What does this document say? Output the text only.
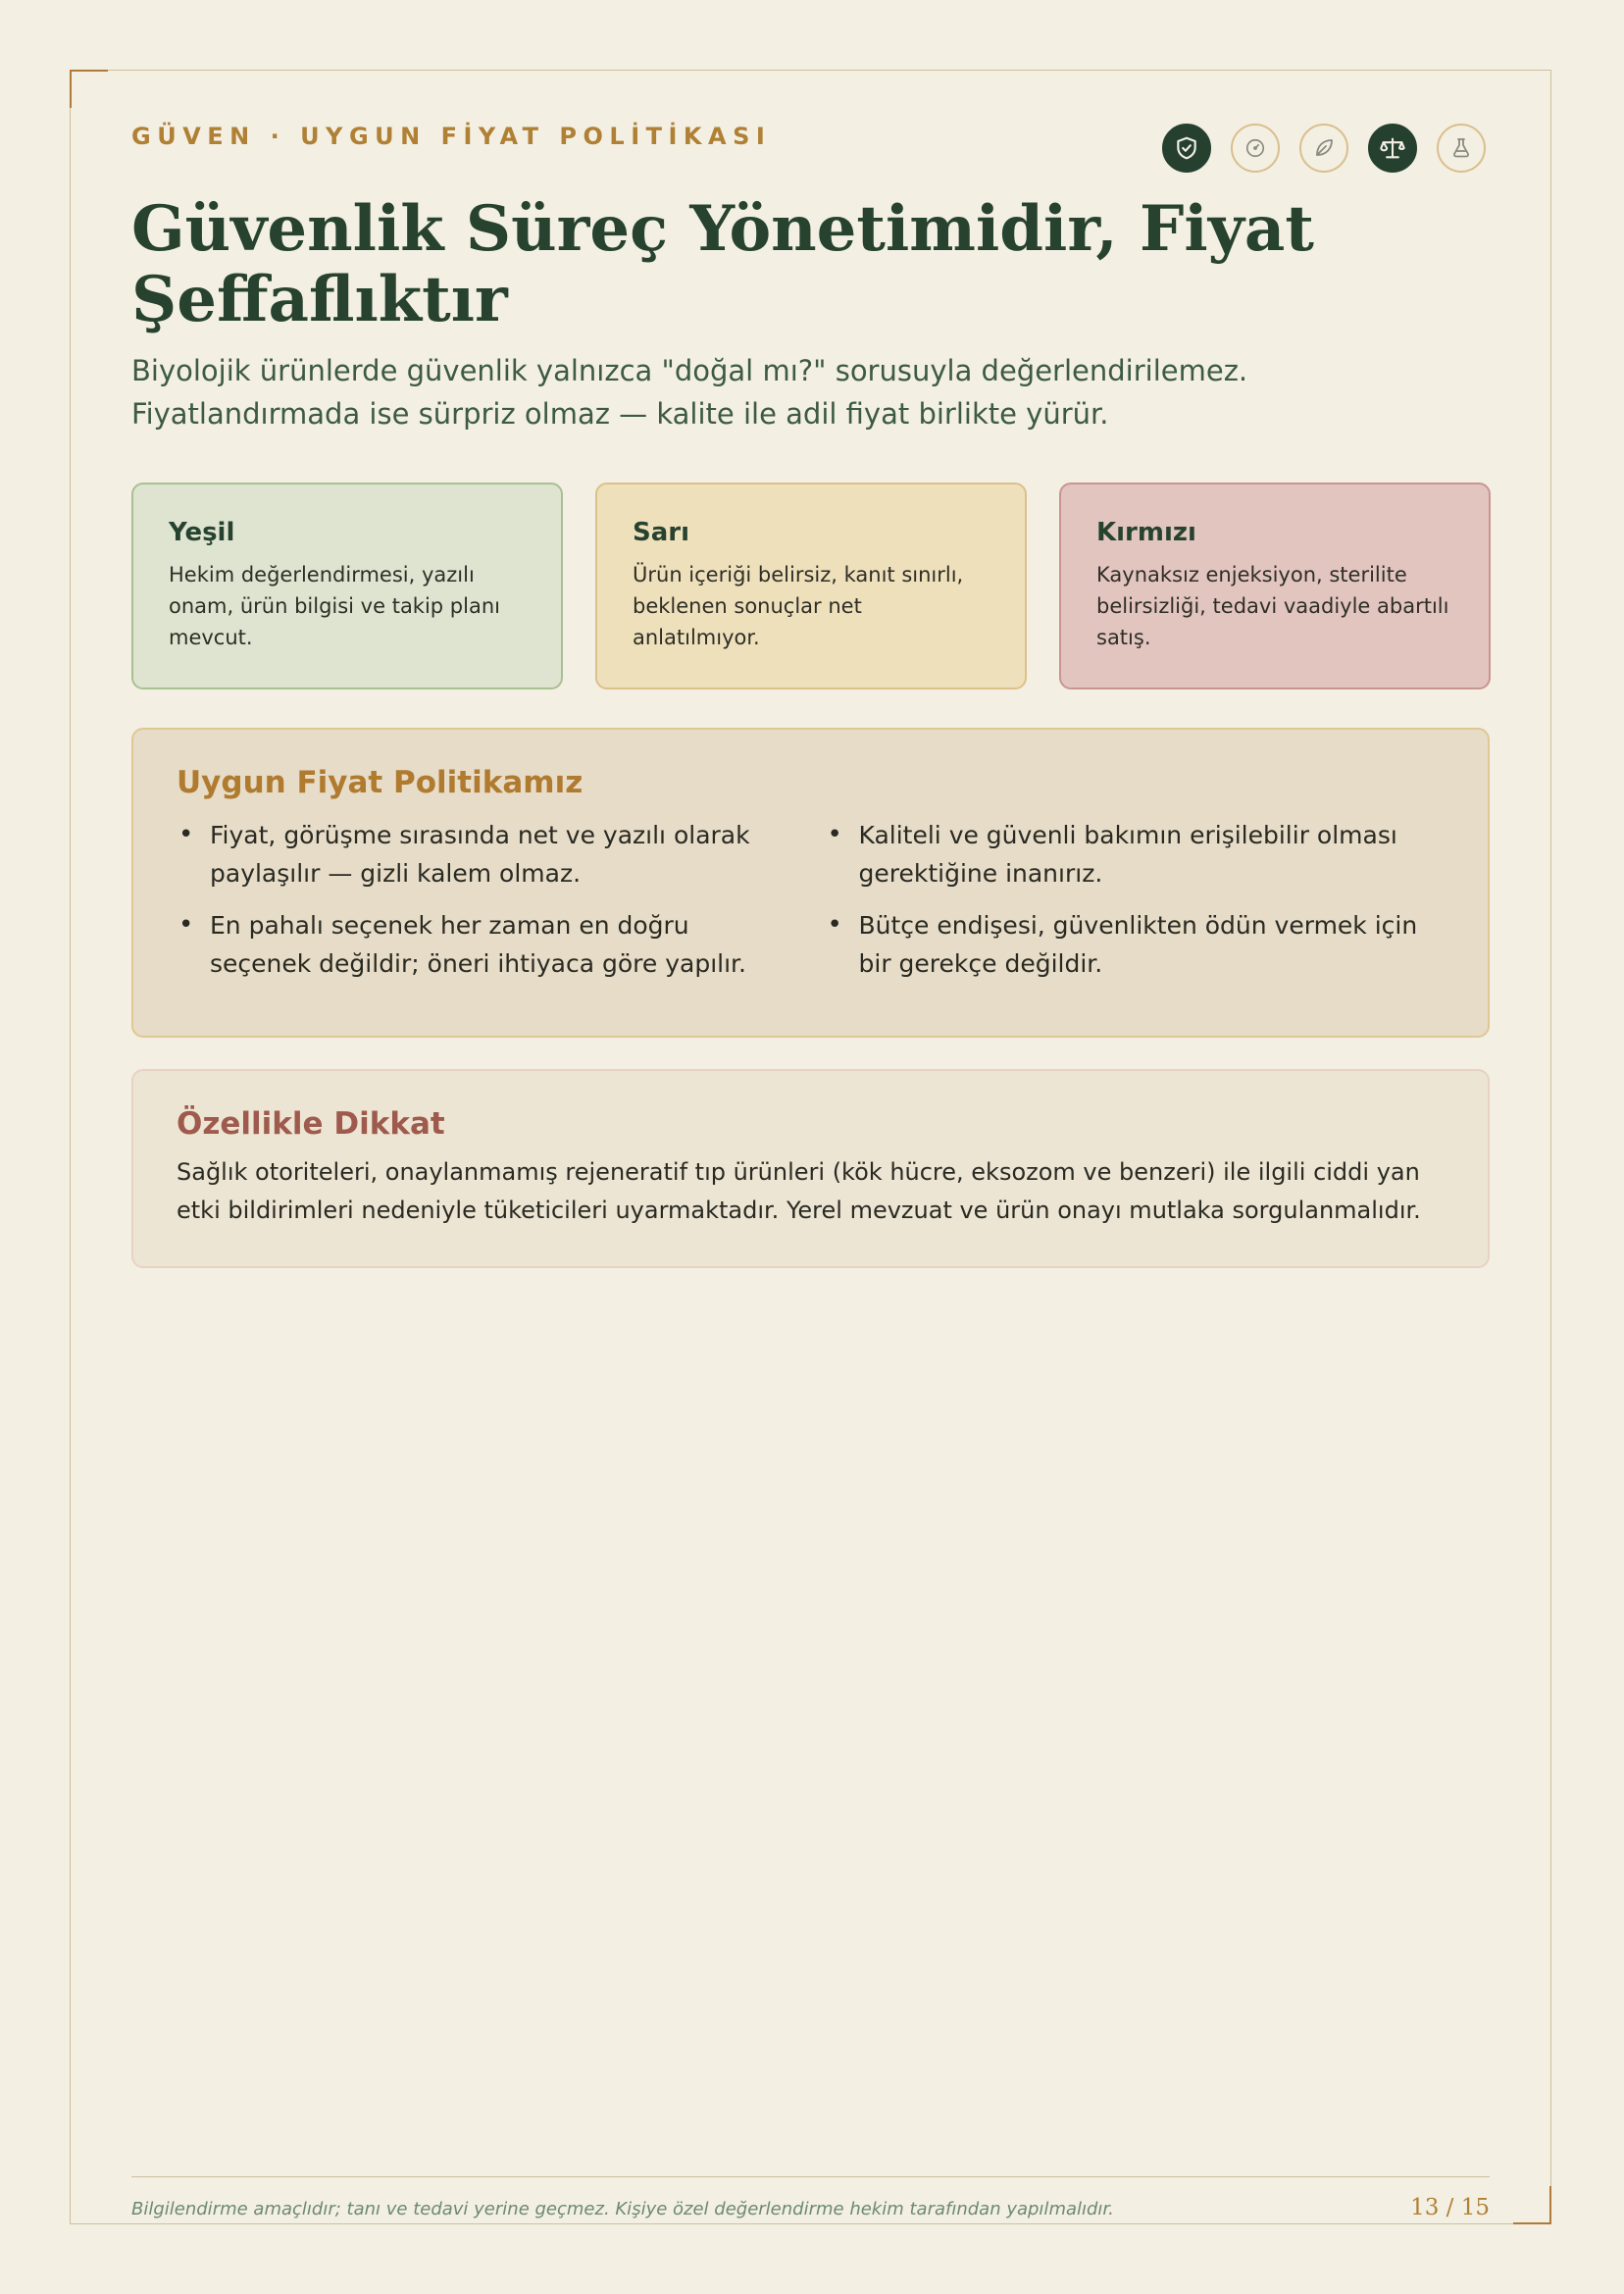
GÜVEN · UYGUN FİYAT POLİTİKASI
Güvenlik Süreç Yönetimidir, Fiyat Şeffaflıktır

Biyolojik ürünlerde güvenlik yalnızca "doğal mı?" sorusuyla değerlendirilemez. Fiyatlandırmada ise sürpriz olmaz — kalite ile adil fiyat birlikte yürür.

Yeşil
Hekim değerlendirmesi, yazılı onam, ürün bilgisi ve takip planı mevcut.
Sarı
Ürün içeriği belirsiz, kanıt sınırlı, beklenen sonuçlar net anlatılmıyor.
Kırmızı
Kaynaksız enjeksiyon, sterilite belirsizliği, tedavi vaadiyle abartılı satış.
Uygun Fiyat Politikamız
• Fiyat, görüşme sırasında net ve yazılı olarak paylaşılır — gizli kalem olmaz.
• En pahalı seçenek her zaman en doğru seçenek değildir; öneri ihtiyaca göre yapılır.
• Kaliteli ve güvenli bakımın erişilebilir olması gerektiğine inanırız.
• Bütçe endişesi, güvenlikten ödün vermek için bir gerekçe değildir.
Özellikle Dikkat
Sağlık otoriteleri, onaylanmamış rejeneratif tıp ürünleri (kök hücre, eksozom ve benzeri) ile ilgili ciddi yan etki bildirimleri nedeniyle tüketicileri uyarmaktadır. Yerel mevzuat ve ürün onayı mutlaka sorgulanmalıdır.
Bilgilendirme amaçlıdır; tanı ve tedavi yerine geçmez. Kişiye özel değerlendirme hekim tarafından yapılmalıdır.	13 / 15
